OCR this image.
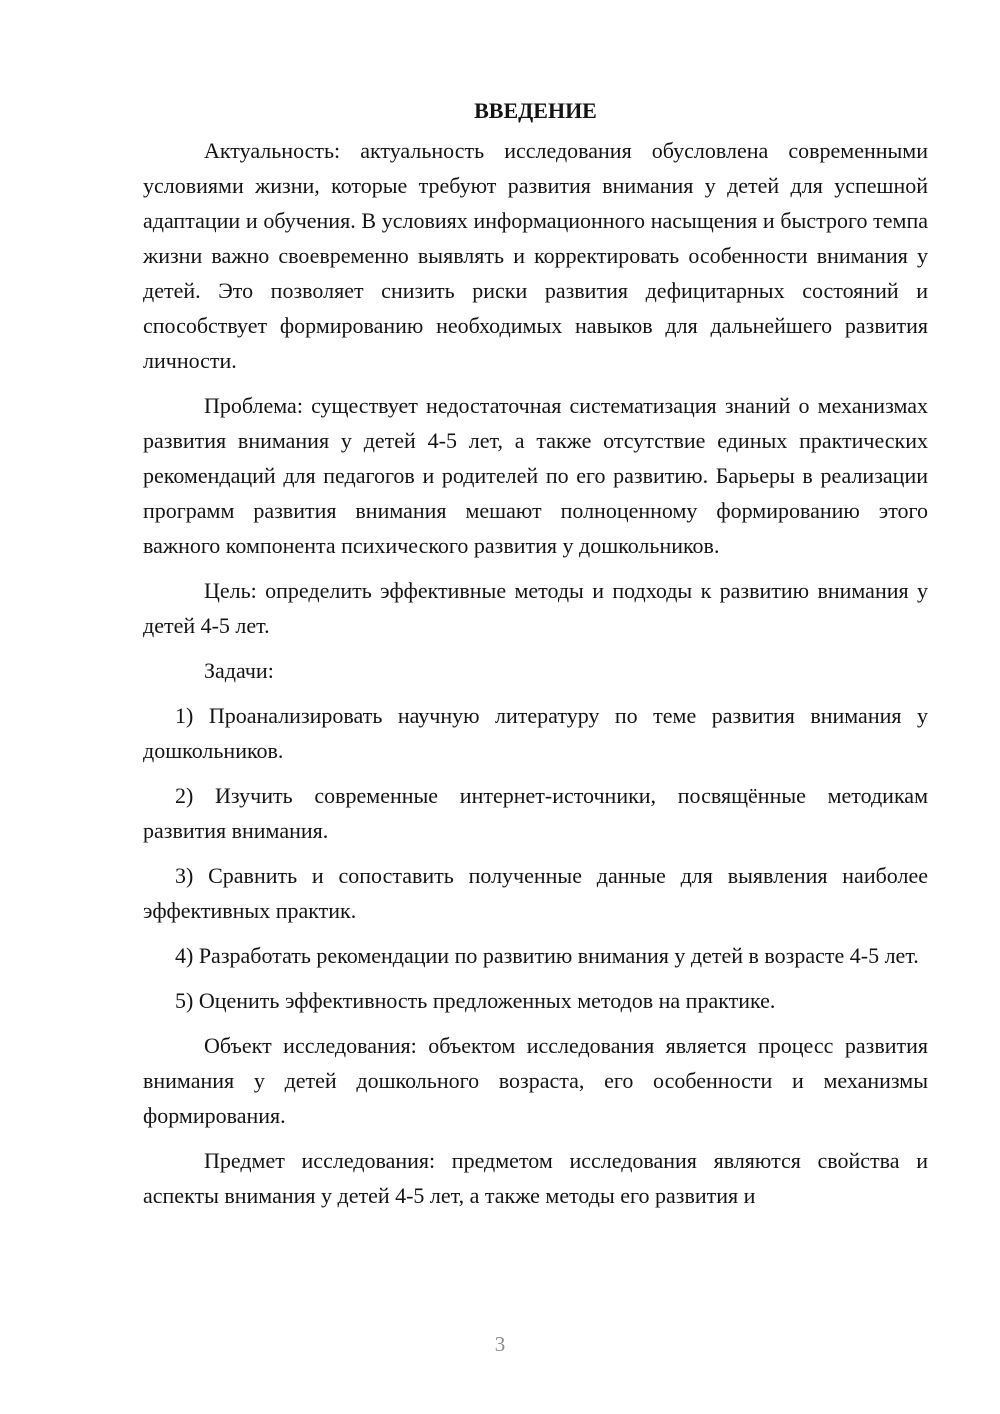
ВВЕДЕНИЕ

Актуальность: актуальность исследования обусловлена современными условиями жизни, которые требуют развития внимания у детей для успешной адаптации и обучения. В условиях информационного насыщения и быстрого темпа жизни важно своевременно выявлять и корректировать особенности внимания у детей. Это позволяет снизить риски развития дефицитарных состояний и способствует формированию необходимых навыков для дальнейшего развития личности.

Проблема: существует недостаточная систематизация знаний о механизмах развития внимания у детей 4-5 лет, а также отсутствие единых практических рекомендаций для педагогов и родителей по его развитию. Барьеры в реализации программ развития внимания мешают полноценному формированию этого важного компонента психического развития у дошкольников.

Цель: определить эффективные методы и подходы к развитию внимания у детей 4-5 лет.

Задачи:

1) Проанализировать научную литературу по теме развития внимания у дошкольников.

2) Изучить современные интернет-источники, посвящённые методикам развития внимания.

3) Сравнить и сопоставить полученные данные для выявления наиболее эффективных практик.

4) Разработать рекомендации по развитию внимания у детей в возрасте 4-5 лет.

5) Оценить эффективность предложенных методов на практике.

Объект исследования: объектом исследования является процесс развития внимания у детей дошкольного возраста, его особенности и механизмы формирования.

Предмет исследования: предметом исследования являются свойства и аспекты внимания у детей 4-5 лет, а также методы его развития и

3
